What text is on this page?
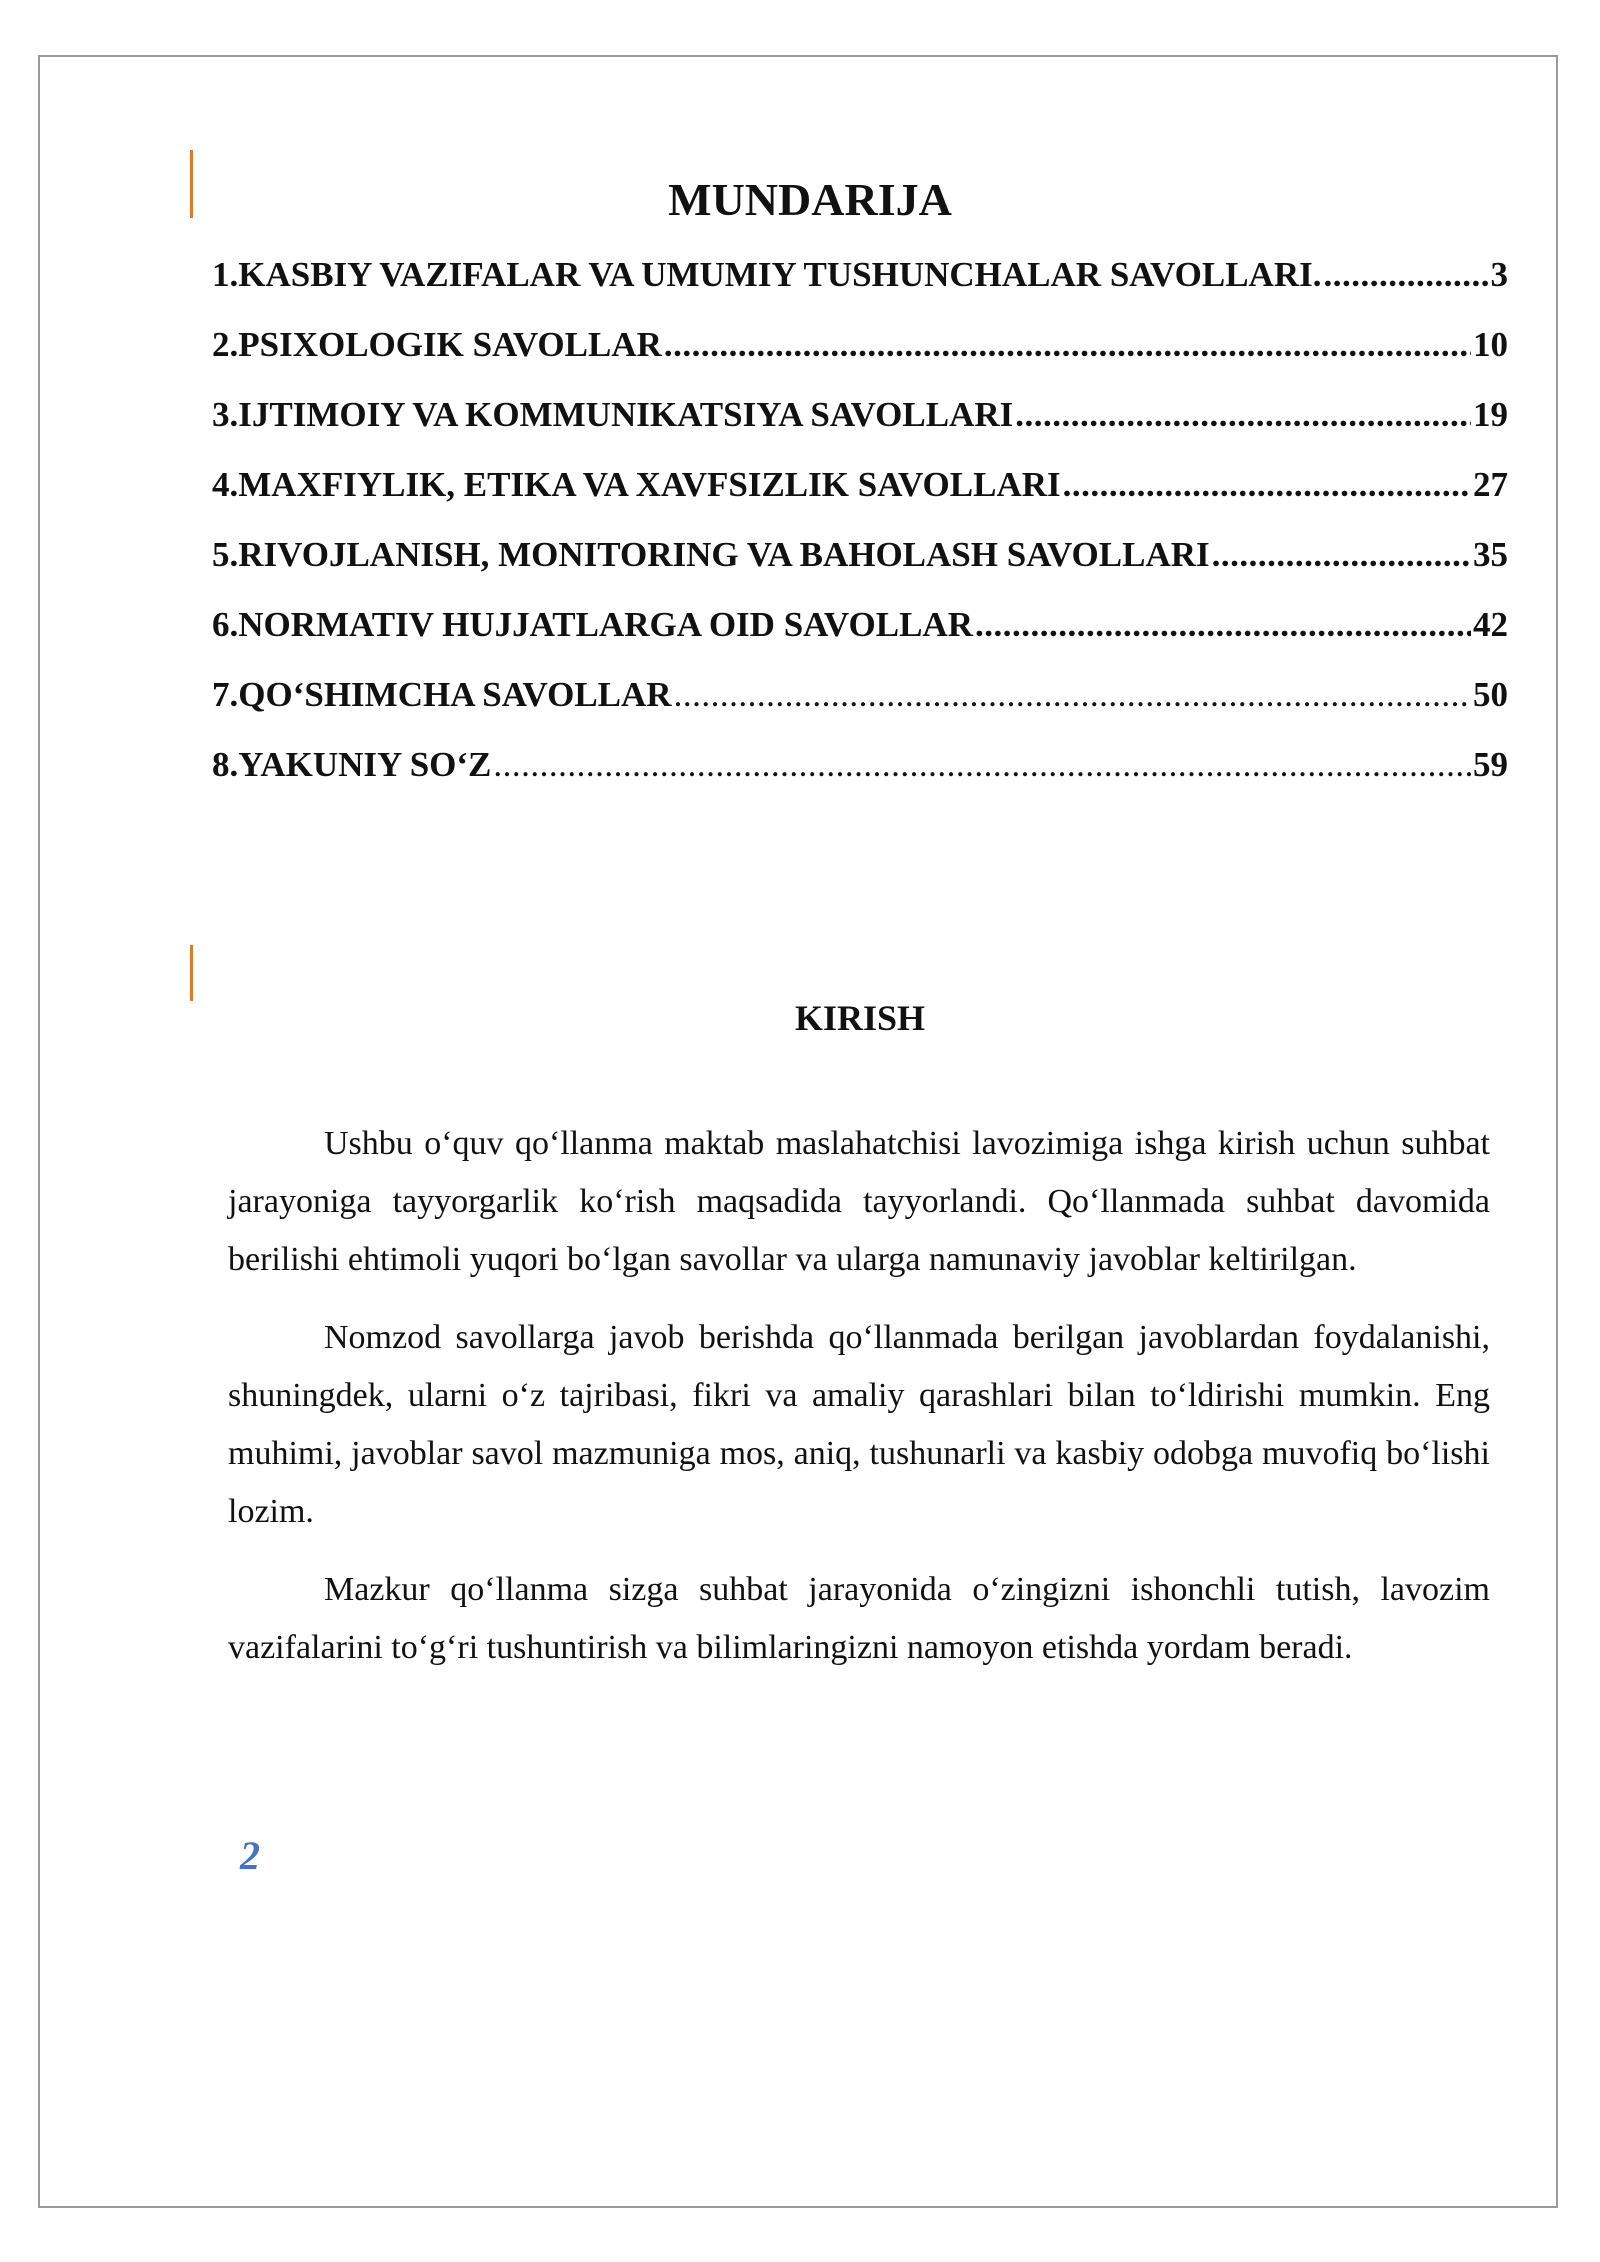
MUNDARIJA
1.KASBIY VAZIFALAR VA UMUMIY TUSHUNCHALAR SAVOLLARI. .....	3
2.PSIXOLOGIK SAVOLLAR .....	10
3.IJTIMOIY VA KOMMUNIKATSIYA SAVOLLARI .....	19
4.MAXFIYLIK, ETIKA VA XAVFSIZLIK SAVOLLARI .....	27
5.RIVOJLANISH, MONITORING VA BAHOLASH SAVOLLARI .....	35
6.NORMATIV HUJJATLARGA OID SAVOLLAR .....	42
7.QO‘SHIMCHA SAVOLLAR .....	50
8.YAKUNIY SO‘Z .....	59
KIRISH

Ushbu o‘quv qo‘llanma maktab maslahatchisi lavozimiga ishga kirish uchun suhbat jarayoniga tayyorgarlik ko‘rish maqsadida tayyorlandi. Qo‘llanmada suhbat davomida berilishi ehtimoli yuqori bo‘lgan savollar va ularga namunaviy javoblar keltirilgan.

Nomzod savollarga javob berishda qo‘llanmada berilgan javoblardan foydalanishi, shuningdek, ularni o‘z tajribasi, fikri va amaliy qarashlari bilan to‘ldirishi mumkin. Eng muhimi, javoblar savol mazmuniga mos, aniq, tushunarli va kasbiy odobga muvofiq bo‘lishi lozim.

Mazkur qo‘llanma sizga suhbat jarayonida o‘zingizni ishonchli tutish, lavozim vazifalarini to‘g‘ri tushuntirish va bilimlaringizni namoyon etishda yordam beradi.

2
